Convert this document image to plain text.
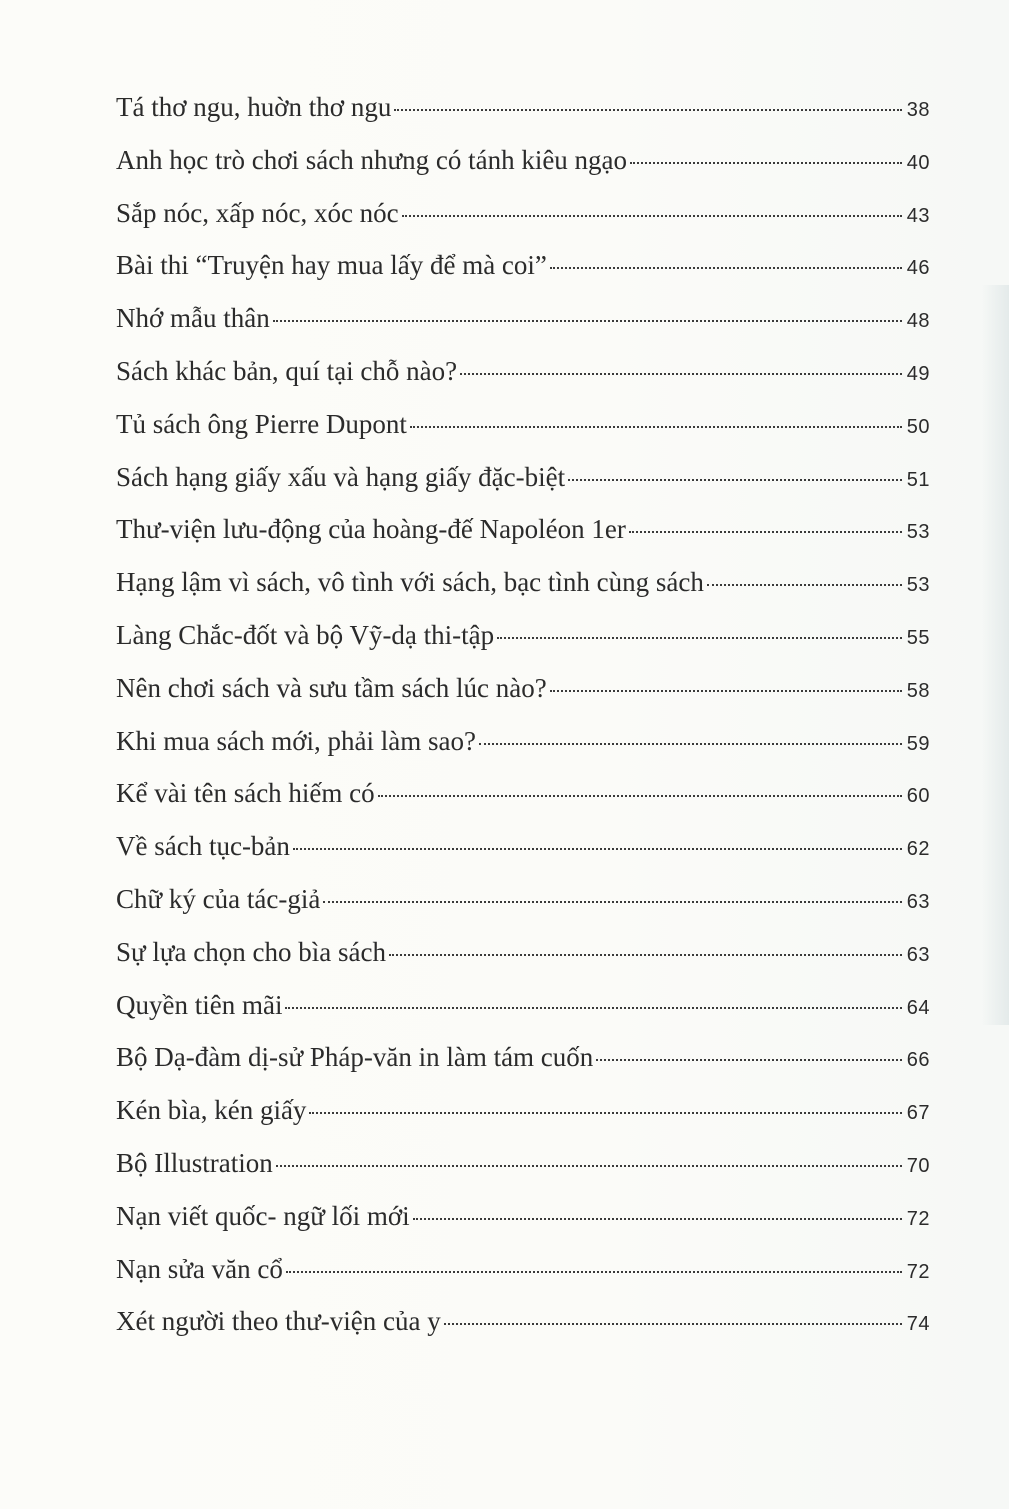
Tá thơ ngu, huờn thơ ngu	38
Anh học trò chơi sách nhưng có tánh kiêu ngạo	40
Sắp nóc, xấp nóc, xóc nóc	43
Bài thi “Truyện hay mua lấy để mà coi”	46
Nhớ mẫu thân	48
Sách khác bản, quí tại chỗ nào?	49
Tủ sách ông Pierre Dupont	50
Sách hạng giấy xấu và hạng giấy đặc-biệt	51
Thư-viện lưu-động của hoàng-đế Napoléon 1er	53
Hạng lậm vì sách, vô tình với sách, bạc tình cùng sách	53
Làng Chắc-đốt và bộ Vỹ-dạ thi-tập	55
Nên chơi sách và sưu tầm sách lúc nào?	58
Khi mua sách mới, phải làm sao?	59
Kể vài tên sách hiếm có	60
Về sách tục-bản	62
Chữ ký của tác-giả	63
Sự lựa chọn cho bìa sách	63
Quyền tiên mãi	64
Bộ Dạ-đàm dị-sử Pháp-văn in làm tám cuốn	66
Kén bìa, kén giấy	67
Bộ Illustration	70
Nạn viết quốc- ngữ lối mới	72
Nạn sửa văn cổ	72
Xét người theo thư-viện của y	74
